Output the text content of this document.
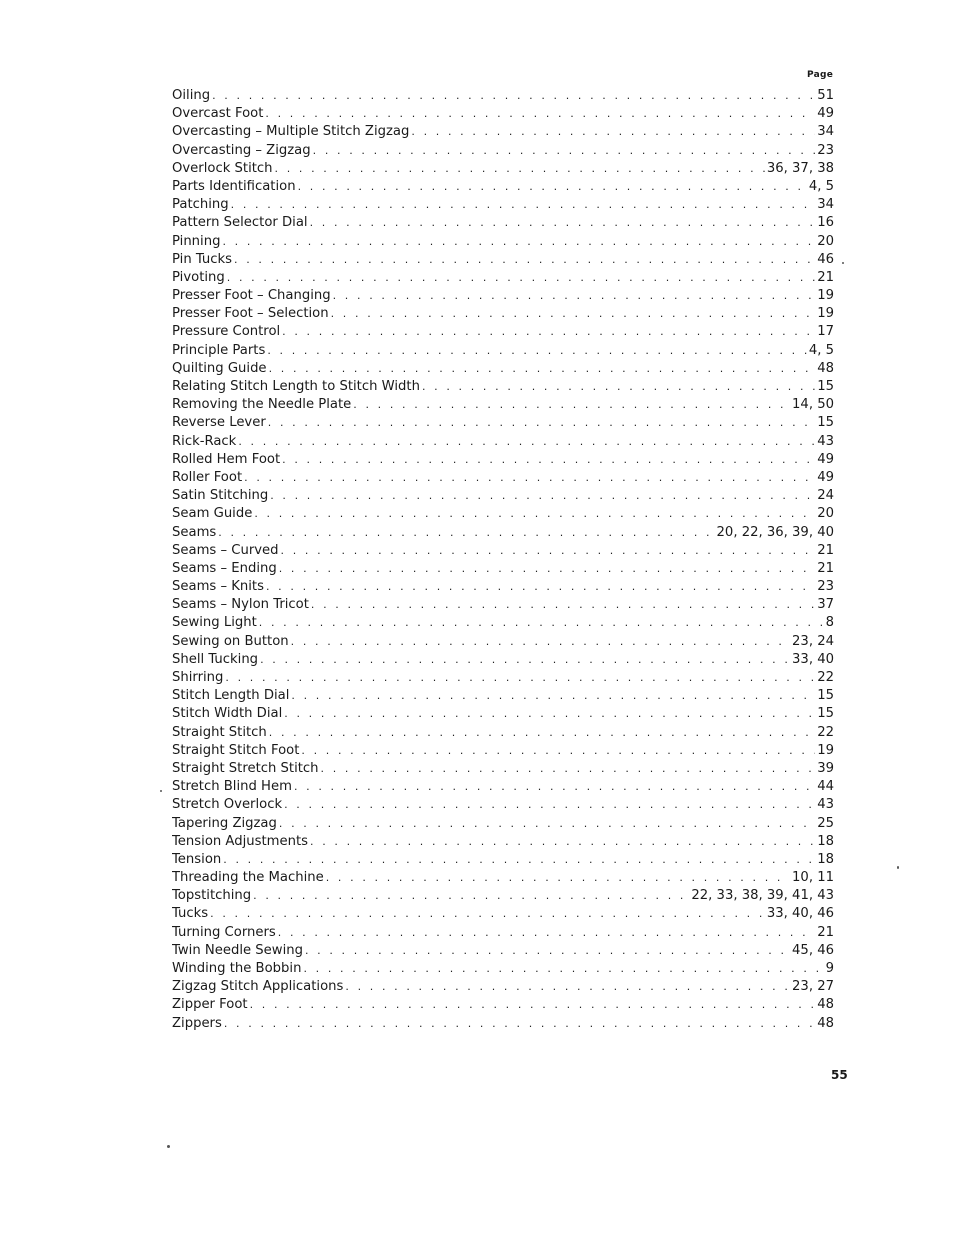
Page
Oiling . . .	51
Overcast Foot . . .	49
Overcasting – Multiple Stitch Zigzag . . .	34
Overcasting – Zigzag . . .	23
Overlock Stitch . . .	36, 37, 38
Parts Identification . . .	4, 5
Patching . . .	34
Pattern Selector Dial . . .	16
Pinning . . .	20
Pin Tucks . . .	46
Pivoting . . .	21
Presser Foot – Changing . . .	19
Presser Foot – Selection . . .	19
Pressure Control . . .	17
Principle Parts . . .	4, 5
Quilting Guide . . .	48
Relating Stitch Length to Stitch Width . . .	15
Removing the Needle Plate . . .	14, 50
Reverse Lever . . .	15
Rick-Rack . . .	43
Rolled Hem Foot . . .	49
Roller Foot . . .	49
Satin Stitching . . .	24
Seam Guide . . .	20
Seams . . .	20, 22, 36, 39, 40
Seams – Curved . . .	21
Seams – Ending . . .	21
Seams – Knits . . .	23
Seams – Nylon Tricot . . .	37
Sewing Light . . .	8
Sewing on Button . . .	23, 24
Shell Tucking . . .	33, 40
Shirring . . .	22
Stitch Length Dial . . .	15
Stitch Width Dial . . .	15
Straight Stitch . . .	22
Straight Stitch Foot . . .	19
Straight Stretch Stitch . . .	39
Stretch Blind Hem . . .	44
Stretch Overlock . . .	43
Tapering Zigzag . . .	25
Tension Adjustments . . .	18
Tension . . .	18
Threading the Machine . . .	10, 11
Topstitching . . .	22, 33, 38, 39, 41, 43
Tucks . . .	33, 40, 46
Turning Corners . . .	21
Twin Needle Sewing . . .	45, 46
Winding the Bobbin . . .	9
Zigzag Stitch Applications . . .	23, 27
Zipper Foot . . .	48
Zippers . . .	48
55
